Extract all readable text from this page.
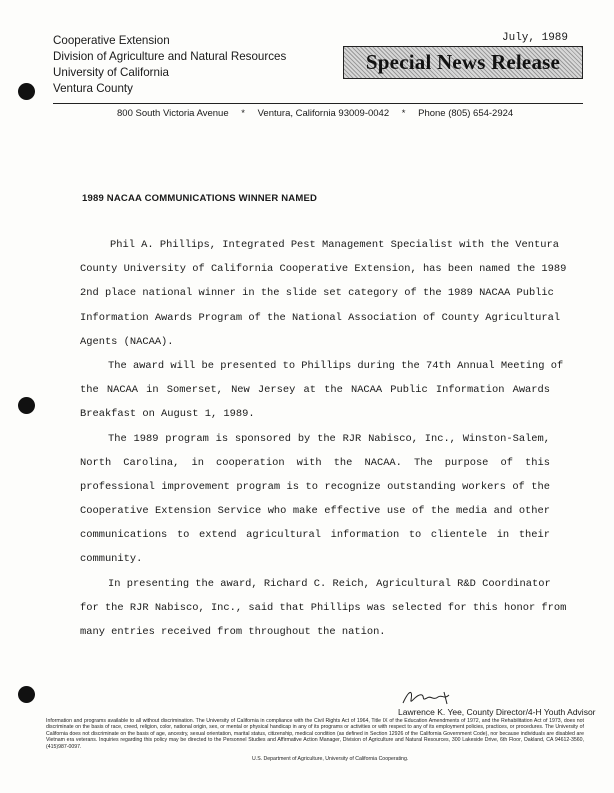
Cooperative Extension
Division of Agriculture and Natural Resources
University of California
Ventura County
July, 1989
Special News Release
800 South Victoria Avenue * Ventura, California 93009-0042 * Phone (805) 654-2924
1989 NACAA COMMUNICATIONS WINNER NAMED
Phil A. Phillips, Integrated Pest Management Specialist with the Ventura
County University of California Cooperative Extension, has been named the 1989
2nd place national winner in the slide set category of the 1989 NACAA Public
Information Awards Program of the National Association of County Agricultural
Agents (NACAA).
The award will be presented to Phillips during the 74th Annual Meeting of
the NACAA in Somerset, New Jersey at the NACAA Public Information Awards
Breakfast on August 1, 1989.
The 1989 program is sponsored by the RJR Nabisco, Inc., Winston-Salem,
North Carolina, in cooperation with the NACAA. The purpose of this
professional improvement program is to recognize outstanding workers of the
Cooperative Extension Service who make effective use of the media and other
communications to extend agricultural information to clientele in their
community.
In presenting the award, Richard C. Reich, Agricultural R&D Coordinator
for the RJR Nabisco, Inc., said that Phillips was selected for this honor from
many entries received from throughout the nation.
Lawrence K. Yee, County Director/4-H Youth Advisor
Information and programs available to all without discrimination. The University of California in compliance with the Civil Rights Act of 1964, Title IX of the Education Amendments of 1972, and the Rehabilitation Act of 1973, does not discriminate on the basis of race, creed, religion, color, national origin, sex, or mental or physical handicap in any of its programs or activities or with respect to any of its employment policies, practices, or procedures. The University of California does not discriminate on the basis of age, ancestry, sexual orientation, marital status, citizenship, medical condition (as defined in Section 12926 of the California Government Code), nor because individuals are disabled are Vietnam era veterans. Inquiries regarding this policy may be directed to the Personnel Studies and Affirmative Action Manager, Division of Agriculture and Natural Resources, 300 Lakeside Drive, 6th Floor, Oakland, CA 94612-3560, (415)987-0097.
U.S. Department of Agriculture, University of California Cooperating.
